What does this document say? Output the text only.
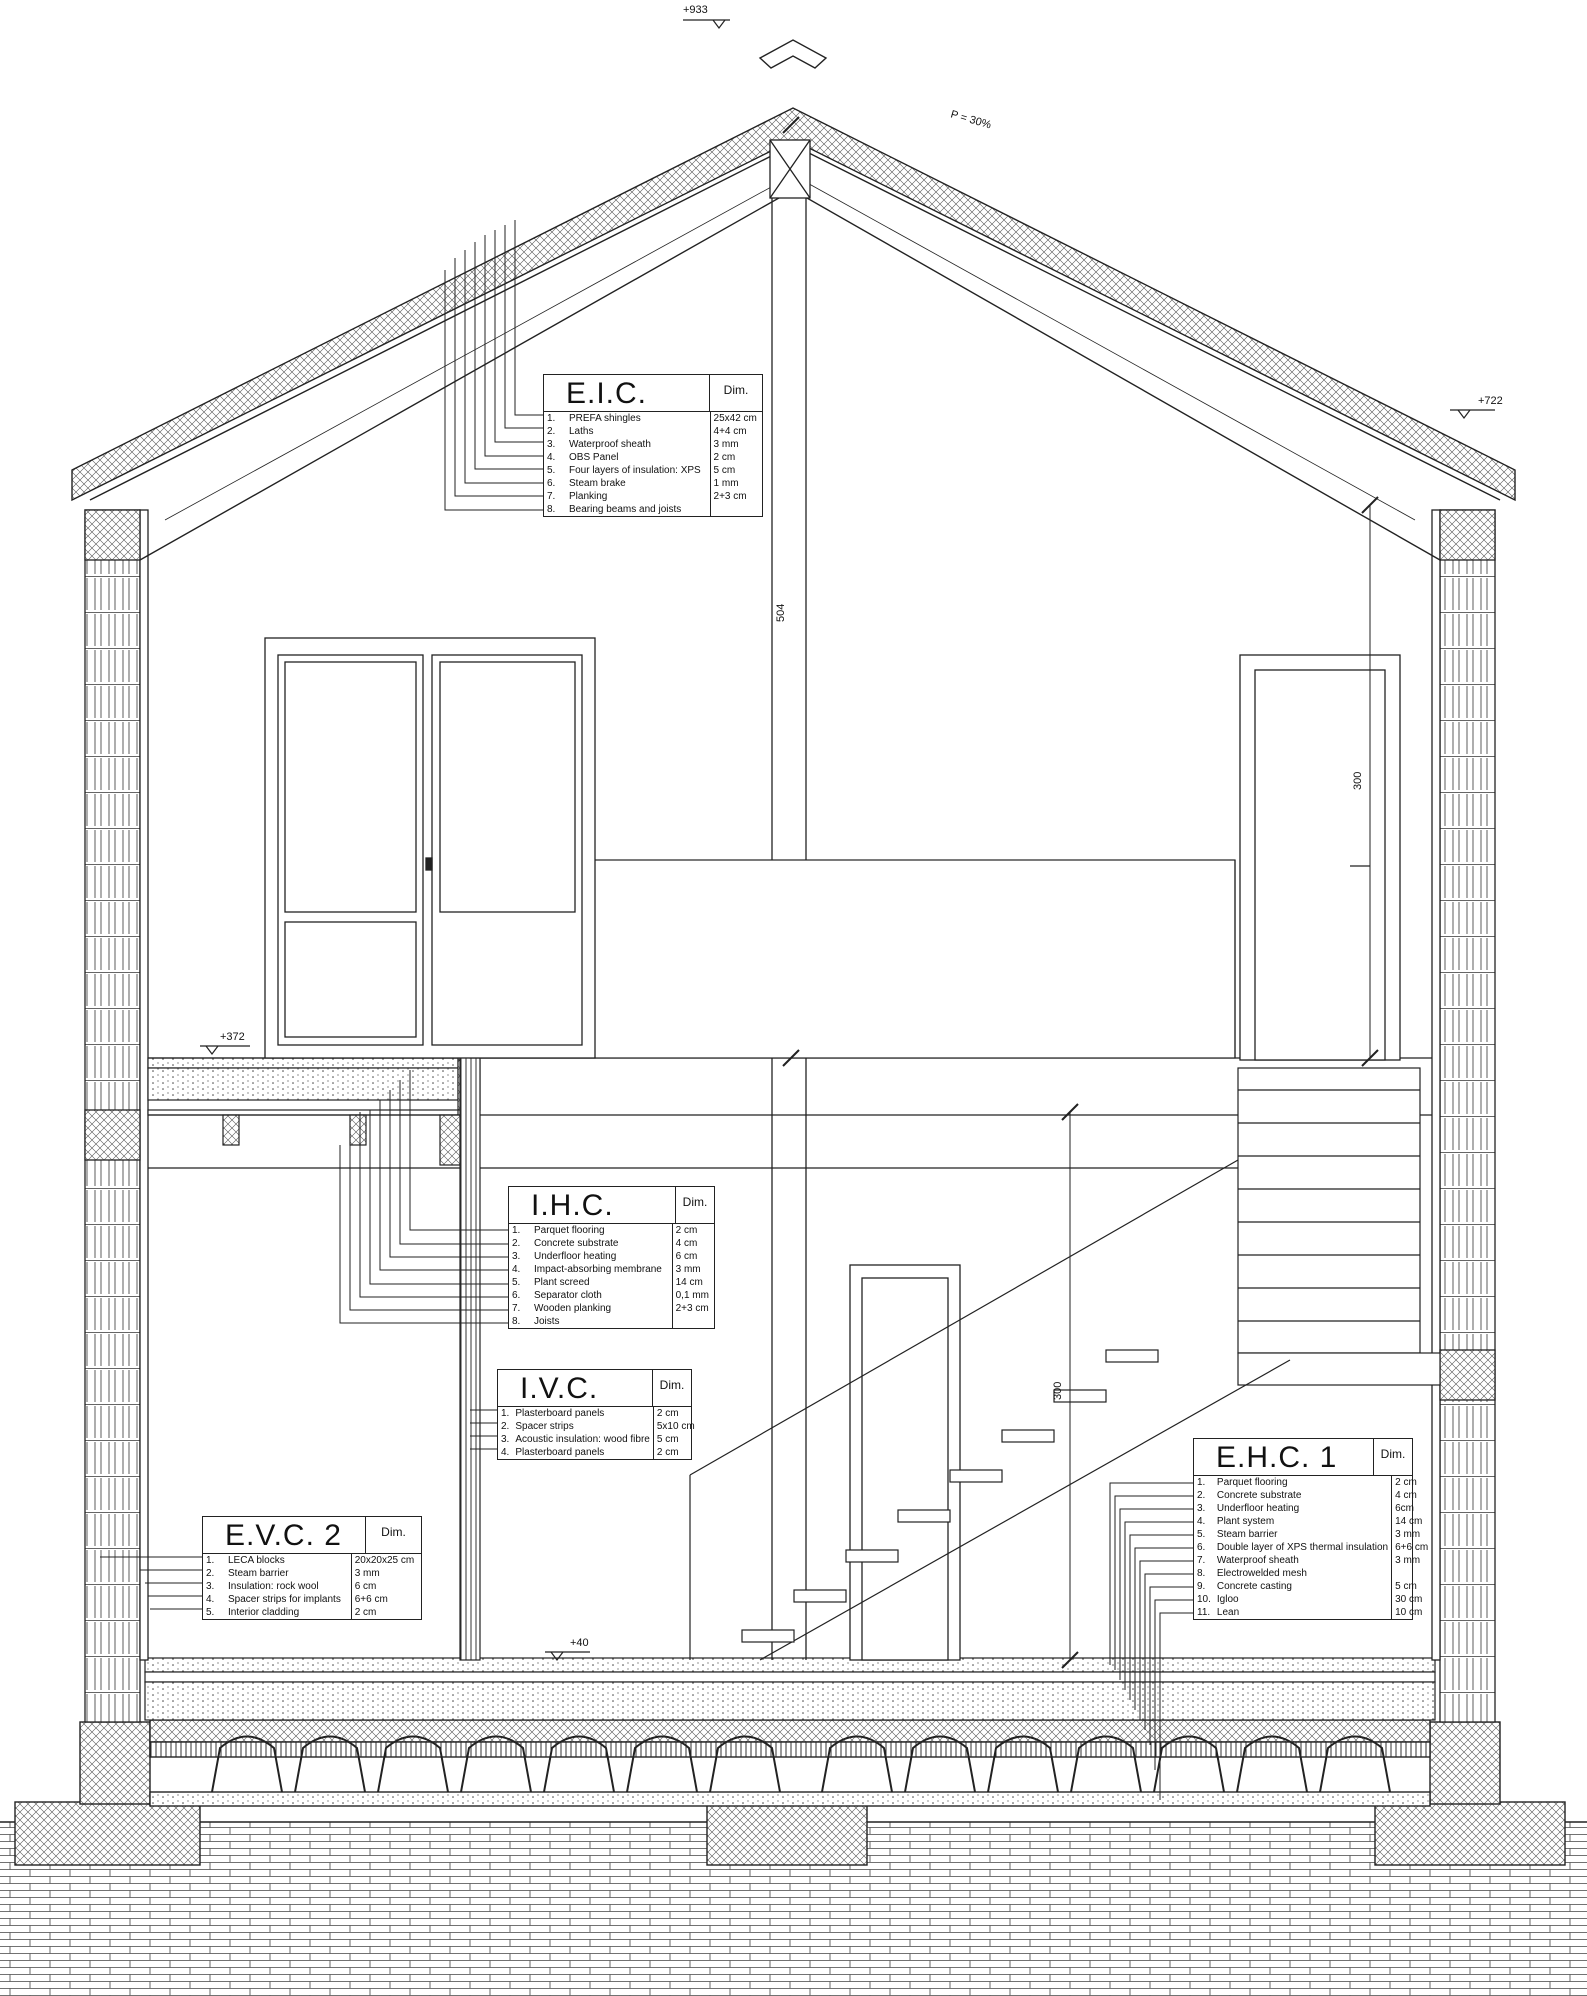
+933
+722
+372
+40
P = 30%
504
300
300
E.I.C.	Dim.
1.	PREFA shingles	25x42 cm
2.	Laths	4+4 cm
3.	Waterproof sheath	3 mm
4.	OBS Panel	2 cm
5.	Four layers of insulation: XPS	5 cm
6.	Steam brake	1 mm
7.	Planking	2+3 cm
8.	Bearing beams and joists	
I.H.C.	Dim.
1.	Parquet flooring	2 cm
2.	Concrete substrate	4 cm
3.	Underfloor heating	6 cm
4.	Impact-absorbing membrane	3 mm
5.	Plant screed	14 cm
6.	Separator cloth	0,1 mm
7.	Wooden planking	2+3 cm
8.	Joists	
I.V.C.	Dim.
1.	Plasterboard panels	2 cm
2.	Spacer strips	5x10 cm
3.	Acoustic insulation: wood fibre	5 cm
4.	Plasterboard panels	2 cm
E.V.C. 2	Dim.
1.	LECA blocks	20x20x25 cm
2.	Steam barrier	3 mm
3.	Insulation: rock wool	6 cm
4.	Spacer strips for implants	6+6 cm
5.	Interior cladding	2 cm
E.H.C. 1	Dim.
1.	Parquet flooring	2 cm
2.	Concrete substrate	4 cm
3.	Underfloor heating	6cm
4.	Plant system	14 cm
5.	Steam barrier	3 mm
6.	Double layer of XPS thermal insulation	6+6 cm
7.	Waterproof sheath	3 mm
8.	Electrowelded mesh	
9.	Concrete casting	5 cm
10.	Igloo	30 cm
11.	Lean	10 cm
